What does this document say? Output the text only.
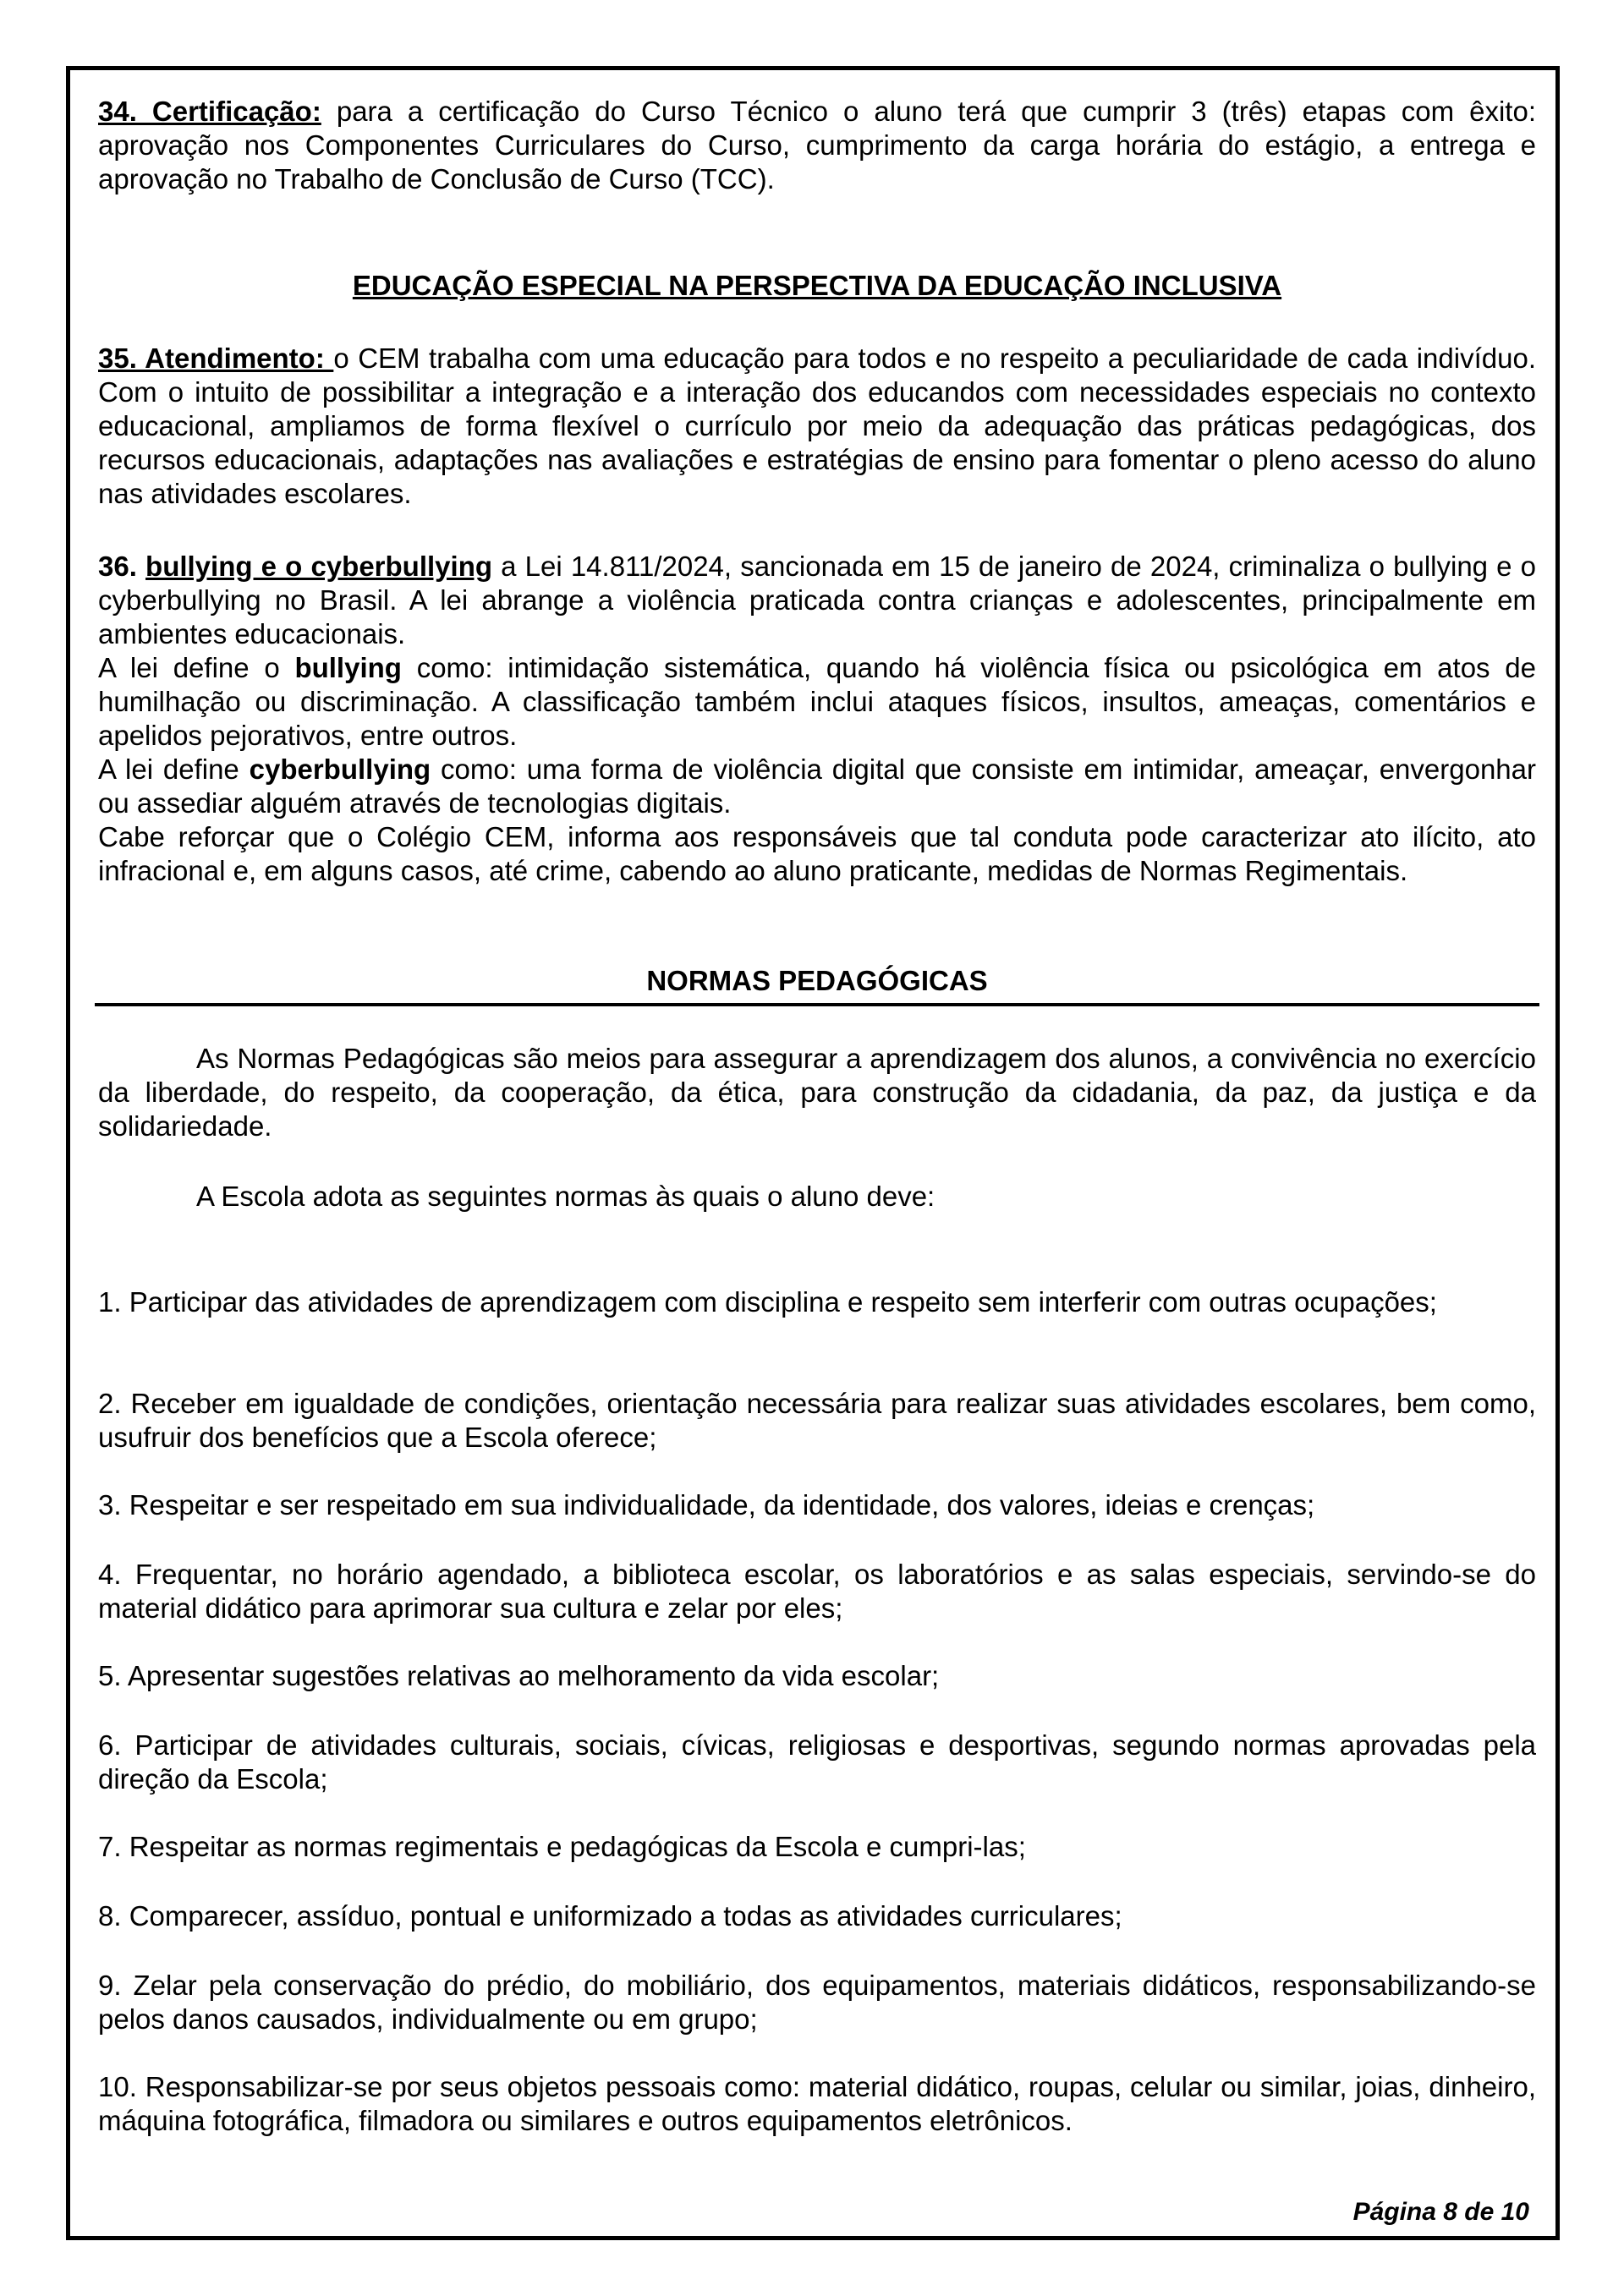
34. Certificação: para a certificação do Curso Técnico o aluno terá que cumprir 3 (três) etapas com êxito: aprovação nos Componentes Curriculares do Curso, cumprimento da carga horária do estágio, a entrega e aprovação no Trabalho de Conclusão de Curso (TCC).

EDUCAÇÃO ESPECIAL NA PERSPECTIVA DA EDUCAÇÃO INCLUSIVA

35. Atendimento: o CEM trabalha com uma educação para todos e no respeito a peculiaridade de cada indivíduo. Com o intuito de possibilitar a integração e a interação dos educandos com necessidades especiais no contexto educacional, ampliamos de forma flexível o currículo por meio da adequação das práticas pedagógicas, dos recursos educacionais, adaptações nas avaliações e estratégias de ensino para fomentar o pleno acesso do aluno nas atividades escolares.

36. bullying e o cyberbullying a Lei 14.811/2024, sancionada em 15 de janeiro de 2024, criminaliza o bullying e o cyberbullying no Brasil. A lei abrange a violência praticada contra crianças e adolescentes, principalmente em ambientes educacionais.

A lei define o bullying como: intimidação sistemática, quando há violência física ou psicológica em atos de humilhação ou discriminação. A classificação também inclui ataques físicos, insultos, ameaças, comentários e apelidos pejorativos, entre outros.

A lei define cyberbullying como: uma forma de violência digital que consiste em intimidar, ameaçar, envergonhar ou assediar alguém através de tecnologias digitais.

Cabe reforçar que o Colégio CEM, informa aos responsáveis que tal conduta pode caracterizar ato ilícito, ato infracional e, em alguns casos, até crime, cabendo ao aluno praticante, medidas de Normas Regimentais.

NORMAS PEDAGÓGICAS

As Normas Pedagógicas são meios para assegurar a aprendizagem dos alunos, a convivência no exercício da liberdade, do respeito, da cooperação, da ética, para construção da cidadania, da paz, da justiça e da solidariedade.

A Escola adota as seguintes normas às quais o aluno deve:

1. Participar das atividades de aprendizagem com disciplina e respeito sem interferir com outras ocupações;

2. Receber em igualdade de condições, orientação necessária para realizar suas atividades escolares, bem como, usufruir dos benefícios que a Escola oferece;

3. Respeitar e ser respeitado em sua individualidade, da identidade, dos valores, ideias e crenças;

4. Frequentar, no horário agendado, a biblioteca escolar, os laboratórios e as salas especiais, servindo-se do material didático para aprimorar sua cultura e zelar por eles;

5. Apresentar sugestões relativas ao melhoramento da vida escolar;

6. Participar de atividades culturais, sociais, cívicas, religiosas e desportivas, segundo normas aprovadas pela direção da Escola;

7. Respeitar as normas regimentais e pedagógicas da Escola e cumpri-las;

8. Comparecer, assíduo, pontual e uniformizado a todas as atividades curriculares;

9. Zelar pela conservação do prédio, do mobiliário, dos equipamentos, materiais didáticos, responsabilizando-se pelos danos causados, individualmente ou em grupo;

10. Responsabilizar-se por seus objetos pessoais como: material didático, roupas, celular ou similar, joias, dinheiro, máquina fotográfica, filmadora ou similares e outros equipamentos eletrônicos.

Página 8 de 10
